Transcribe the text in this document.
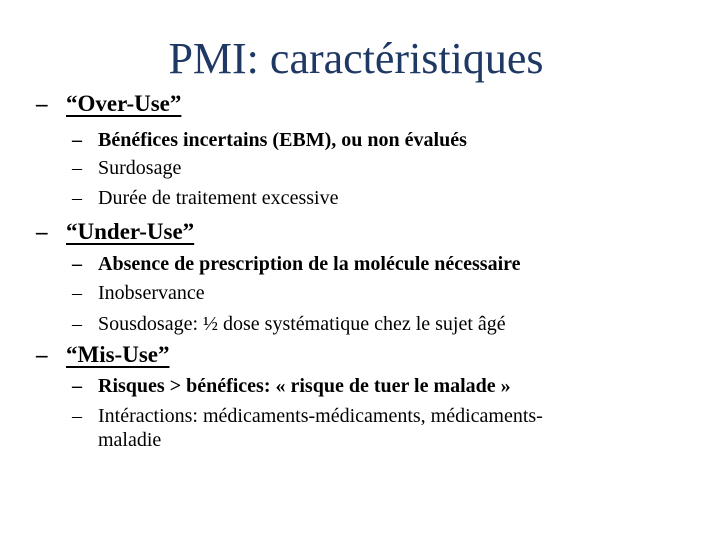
PMI: caractéristiques
– “Over-Use”
– Bénéfices incertains (EBM), ou non évalués
– Surdosage
– Durée de traitement excessive
– “Under-Use”
– Absence de prescription de la molécule nécessaire
– Inobservance
– Sousdosage: ½ dose systématique chez le sujet âgé
– “Mis-Use”
– Risques > bénéfices: « risque de tuer le malade »
– Intéractions: médicaments-médicaments, médicaments-
maladie
